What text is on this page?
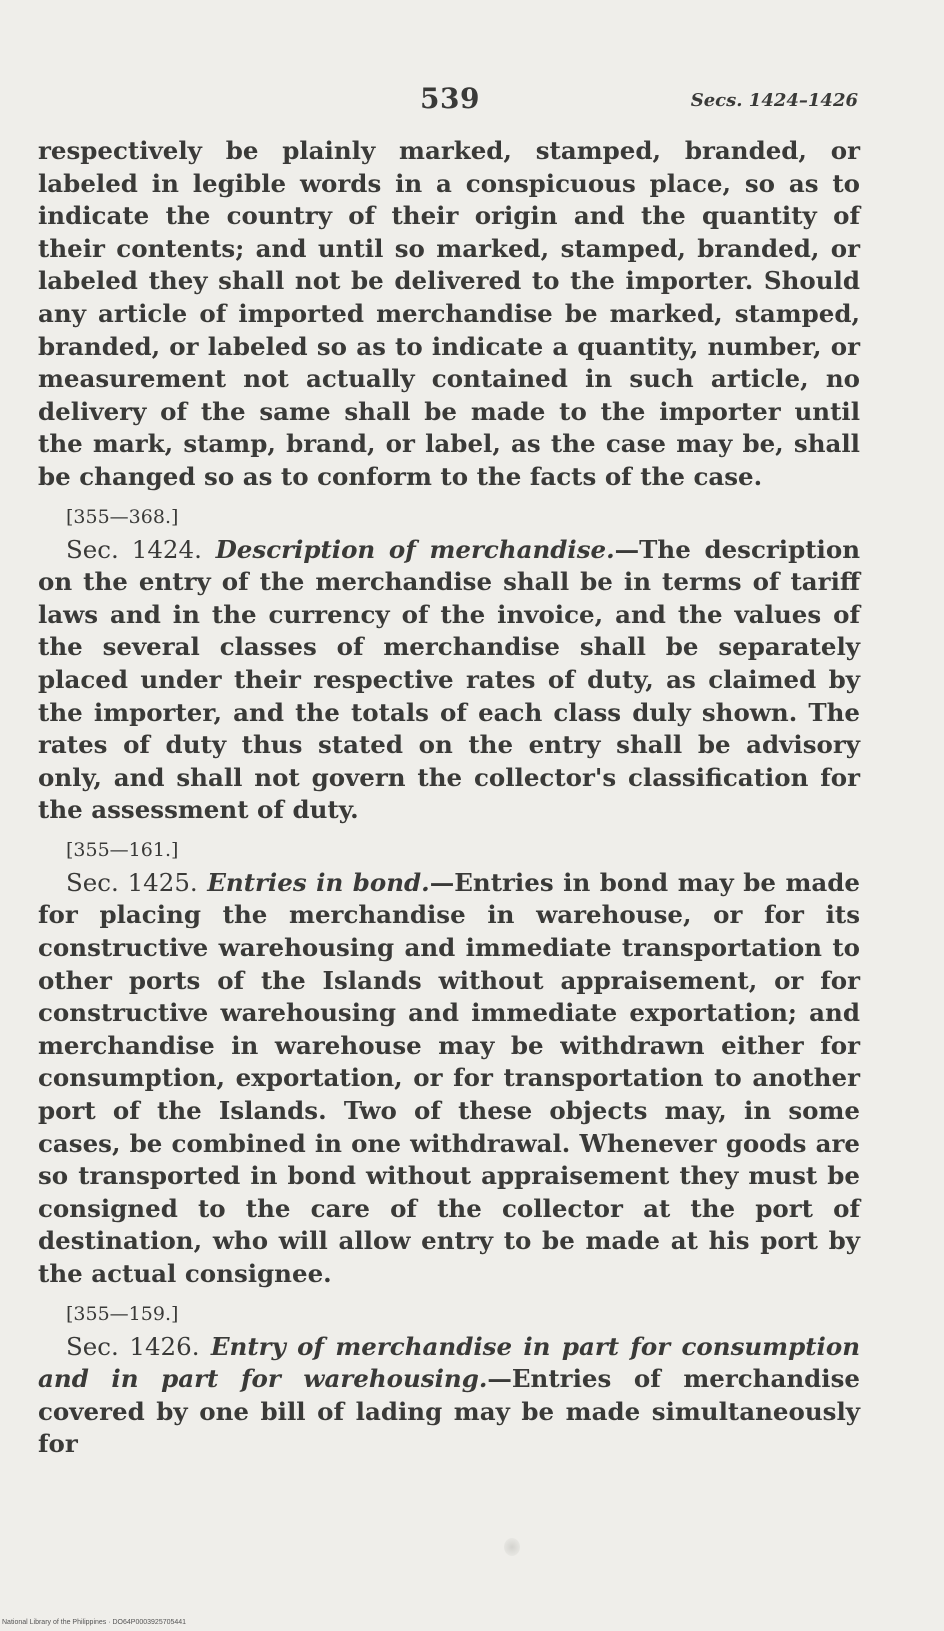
539	Secs. 1424–1426

respectively be plainly marked, stamped, branded, or labeled in legible words in a conspicuous place, so as to indicate the country of their origin and the quantity of their contents; and until so marked, stamped, branded, or labeled they shall not be delivered to the importer. Should any article of imported merchandise be marked, stamped, branded, or labeled so as to indicate a quantity, number, or measurement not actually contained in such article, no delivery of the same shall be made to the importer until the mark, stamp, brand, or label, as the case may be, shall be changed so as to conform to the facts of the case.

[355—368.]

Sec. 1424. Description of merchandise.—The description on the entry of the merchandise shall be in terms of tariff laws and in the currency of the invoice, and the values of the several classes of merchandise shall be separately placed under their respective rates of duty, as claimed by the importer, and the totals of each class duly shown. The rates of duty thus stated on the entry shall be advisory only, and shall not govern the collector's classification for the assessment of duty.

[355—161.]

Sec. 1425. Entries in bond.—Entries in bond may be made for placing the merchandise in warehouse, or for its constructive warehousing and immediate transportation to other ports of the Islands without appraisement, or for constructive warehousing and immediate exportation; and merchandise in warehouse may be withdrawn either for consumption, exportation, or for transportation to another port of the Islands. Two of these objects may, in some cases, be combined in one withdrawal. Whenever goods are so transported in bond without appraisement they must be consigned to the care of the collector at the port of destination, who will allow entry to be made at his port by the actual consignee.

[355—159.]

Sec. 1426. Entry of merchandise in part for consumption and in part for warehousing.—Entries of merchandise covered by one bill of lading may be made simultaneously for

National Library of the Philippines · DO64P0003925705441
